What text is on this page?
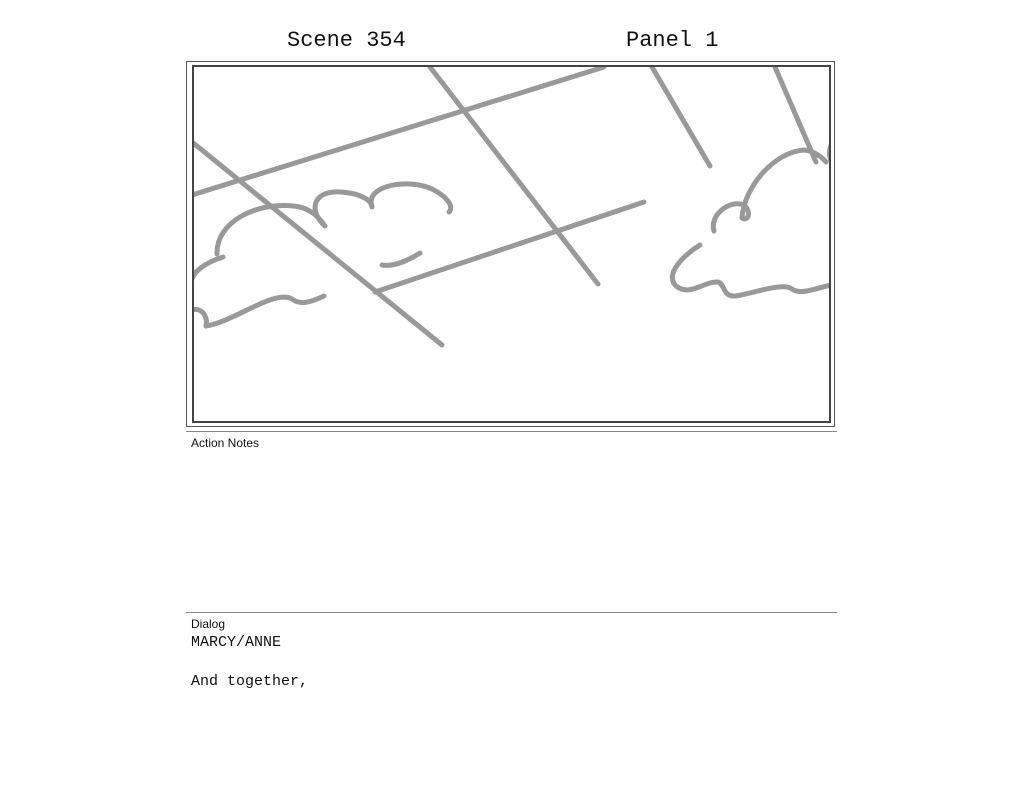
Scene 354	Panel 1
Action Notes
Dialog
MARCY/ANNE
And together,
